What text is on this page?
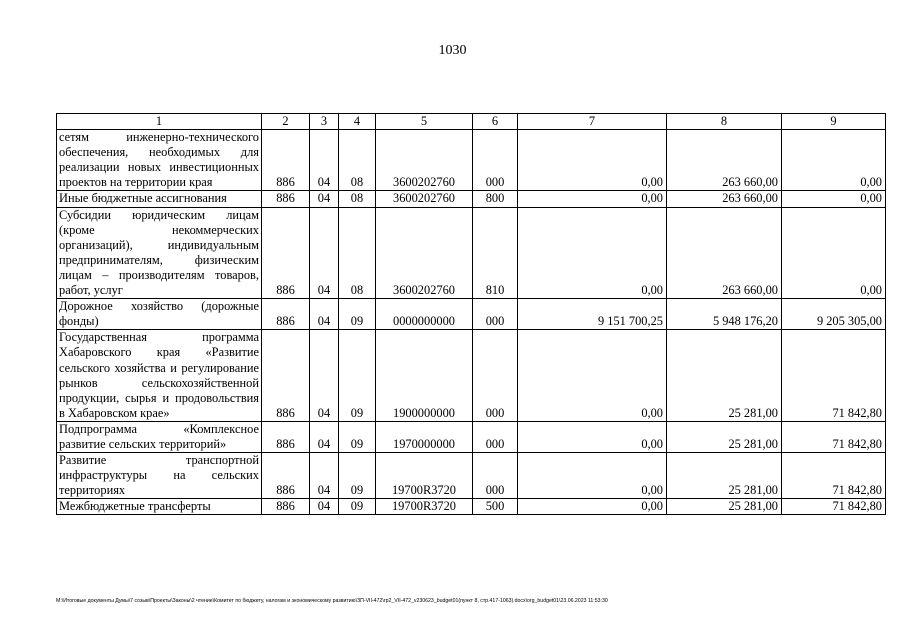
1030
1	2	3	4	5	6	7	8	9
сетям инженерно-технического обеспечения, необходимых для реализации новых инвестиционных проектов на территории края	886	04	08	3600202760	000	0,00	263 660,00	0,00
Иные бюджетные ассигнования	886	04	08	3600202760	800	0,00	263 660,00	0,00
Субсидии юридическим лицам (кроме некоммерческих организаций), индивидуальным предпринимателям, физическим лицам – производителям товаров, работ, услуг	886	04	08	3600202760	810	0,00	263 660,00	0,00
Дорожное хозяйство (дорожные фонды)	886	04	09	0000000000	000	9 151 700,25	5 948 176,20	9 205 305,00
Государственная программа Хабаровского края «Развитие сельского хозяйства и регулирование рынков сельскохозяйственной продукции, сырья и продовольствия в Хабаровском крае»	886	04	09	1900000000	000	0,00	25 281,00	71 842,80
Подпрограмма «Комплексное развитие сельских территорий»	886	04	09	1970000000	000	0,00	25 281,00	71 842,80
Развитие транспортной инфраструктуры на сельских территориях	886	04	09	19700R3720	000	0,00	25 281,00	71 842,80
Межбюджетные трансферты	886	04	09	19700R3720	500	0,00	25 281,00	71 842,80
M:\Итоговые документы Думы\7 созыв\Проекты\Законы\2 чтение\Комитет по бюджету, налогам и экономическому развитию\ЗП-VII-472\гр2_VII-472_v230623_budget01(пункт 8, стр.417-1063).docx\org_budget01\23.06.2023 11:53:30
